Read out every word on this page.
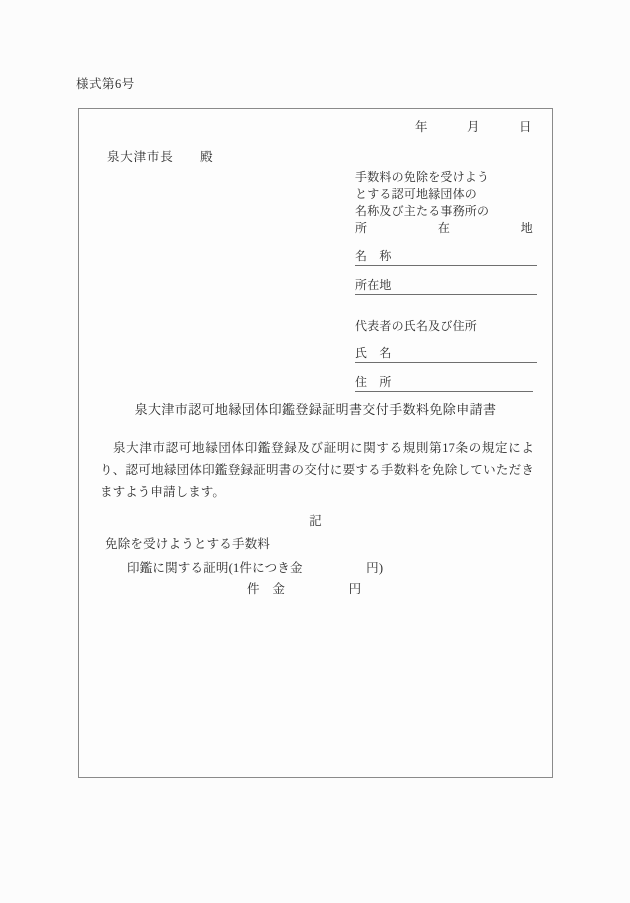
様式第6号
年　　　月　　　日
泉大津市長　　殿
手数料の免除を受けよう
とする認可地縁団体の
名称及び主たる事務所の
所	在	地
名　称
所在地
代表者の氏名及び住所
氏　名
住　所
泉大津市認可地縁団体印鑑登録証明書交付手数料免除申請書
泉大津市認可地縁団体印鑑登録及び証明に関する規則第17条の規定により、認可地縁団体印鑑登録証明書の交付に要する手数料を免除していただきますよう申請します。
記
免除を受けようとする手数料
印鑑に関する証明(1件につき金　　　　　円)
件　金　　　　　円
